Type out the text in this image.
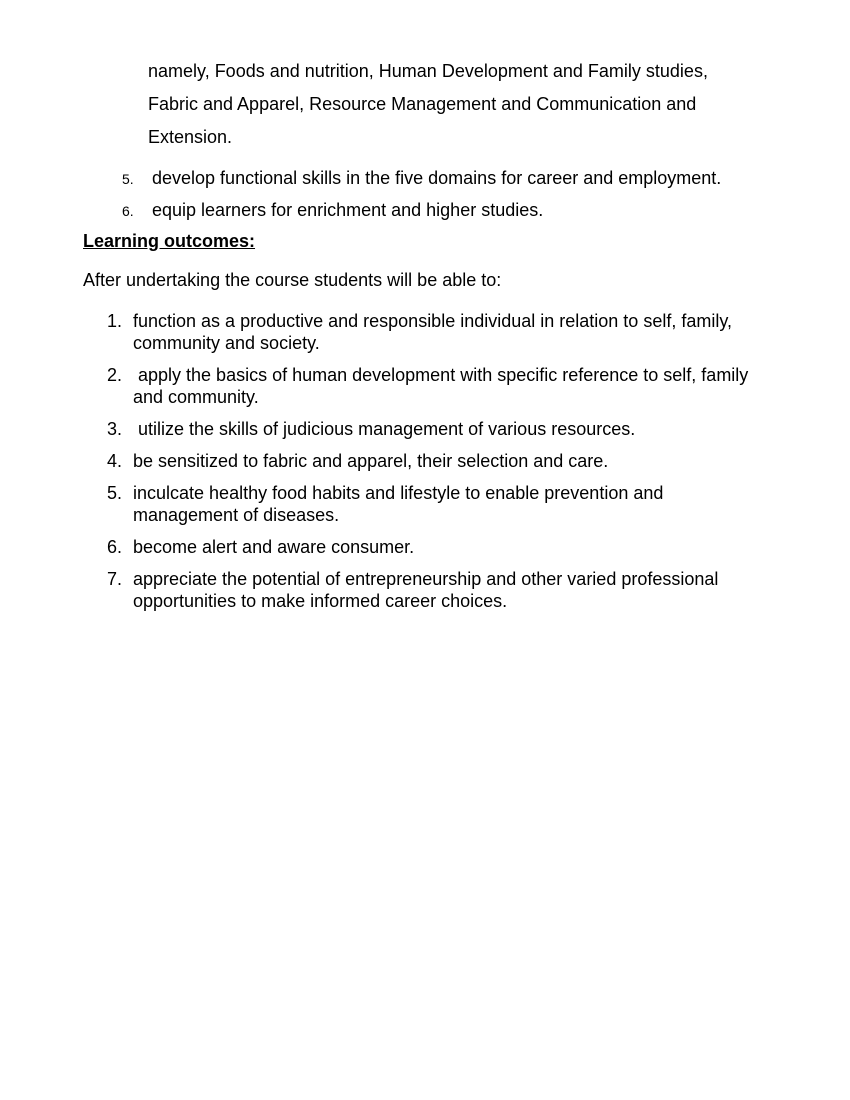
namely, Foods and nutrition, Human Development and Family studies,
Fabric and Apparel, Resource Management and Communication and
Extension.
5. develop functional skills in the five domains for career and employment.
6. equip learners for enrichment and higher studies.
Learning outcomes:
After undertaking the course students will be able to:
1. function as a productive and responsible individual in relation to self, family,
community and society.
2. apply the basics of human development with specific reference to self, family
and community.
3. utilize the skills of judicious management of various resources.
4. be sensitized to fabric and apparel, their selection and care.
5. inculcate healthy food habits and lifestyle to enable prevention and
management of diseases.
6. become alert and aware consumer.
7. appreciate the potential of entrepreneurship and other varied professional
opportunities to make informed career choices.
